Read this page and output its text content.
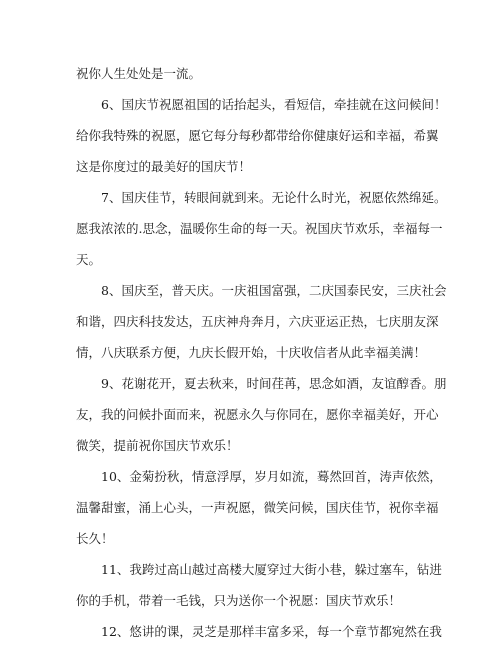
祝你人生处处是一流。
6、国庆节祝愿祖国的话抬起头，看短信，牵挂就在这问候间！
给你我特殊的祝愿，愿它每分每秒都带给你健康好运和幸福，希翼
这是你度过的最美好的国庆节！
7、国庆佳节，转眼间就到来。无论什么时光，祝愿依然绵延。
愿我浓浓的.思念，温暖你生命的每一天。祝国庆节欢乐，幸福每一
天。
8、国庆至，普天庆。一庆祖国富强，二庆国泰民安，三庆社会
和谐，四庆科技发达，五庆神舟奔月，六庆亚运正热，七庆朋友深
情，八庆联系方便，九庆长假开始，十庆收信者从此幸福美满！
9、花谢花开，夏去秋来，时间荏苒，思念如酒，友谊醇香。朋
友，我的问候扑面而来，祝愿永久与你同在，愿你幸福美好，开心
微笑，提前祝你国庆节欢乐！
10、金菊扮秋，情意浮厚，岁月如流，蓦然回首，涛声依然，
温馨甜蜜，涌上心头，一声祝愿，微笑问候，国庆佳节，祝你幸福
长久！
11、我跨过高山越过高楼大厦穿过大街小巷，躲过塞车，钻进
你的手机，带着一毛钱，只为送你一个祝愿：国庆节欢乐！
12、悠讲的课，灵芝是那样丰富多采，每一个章节都宛然在我
